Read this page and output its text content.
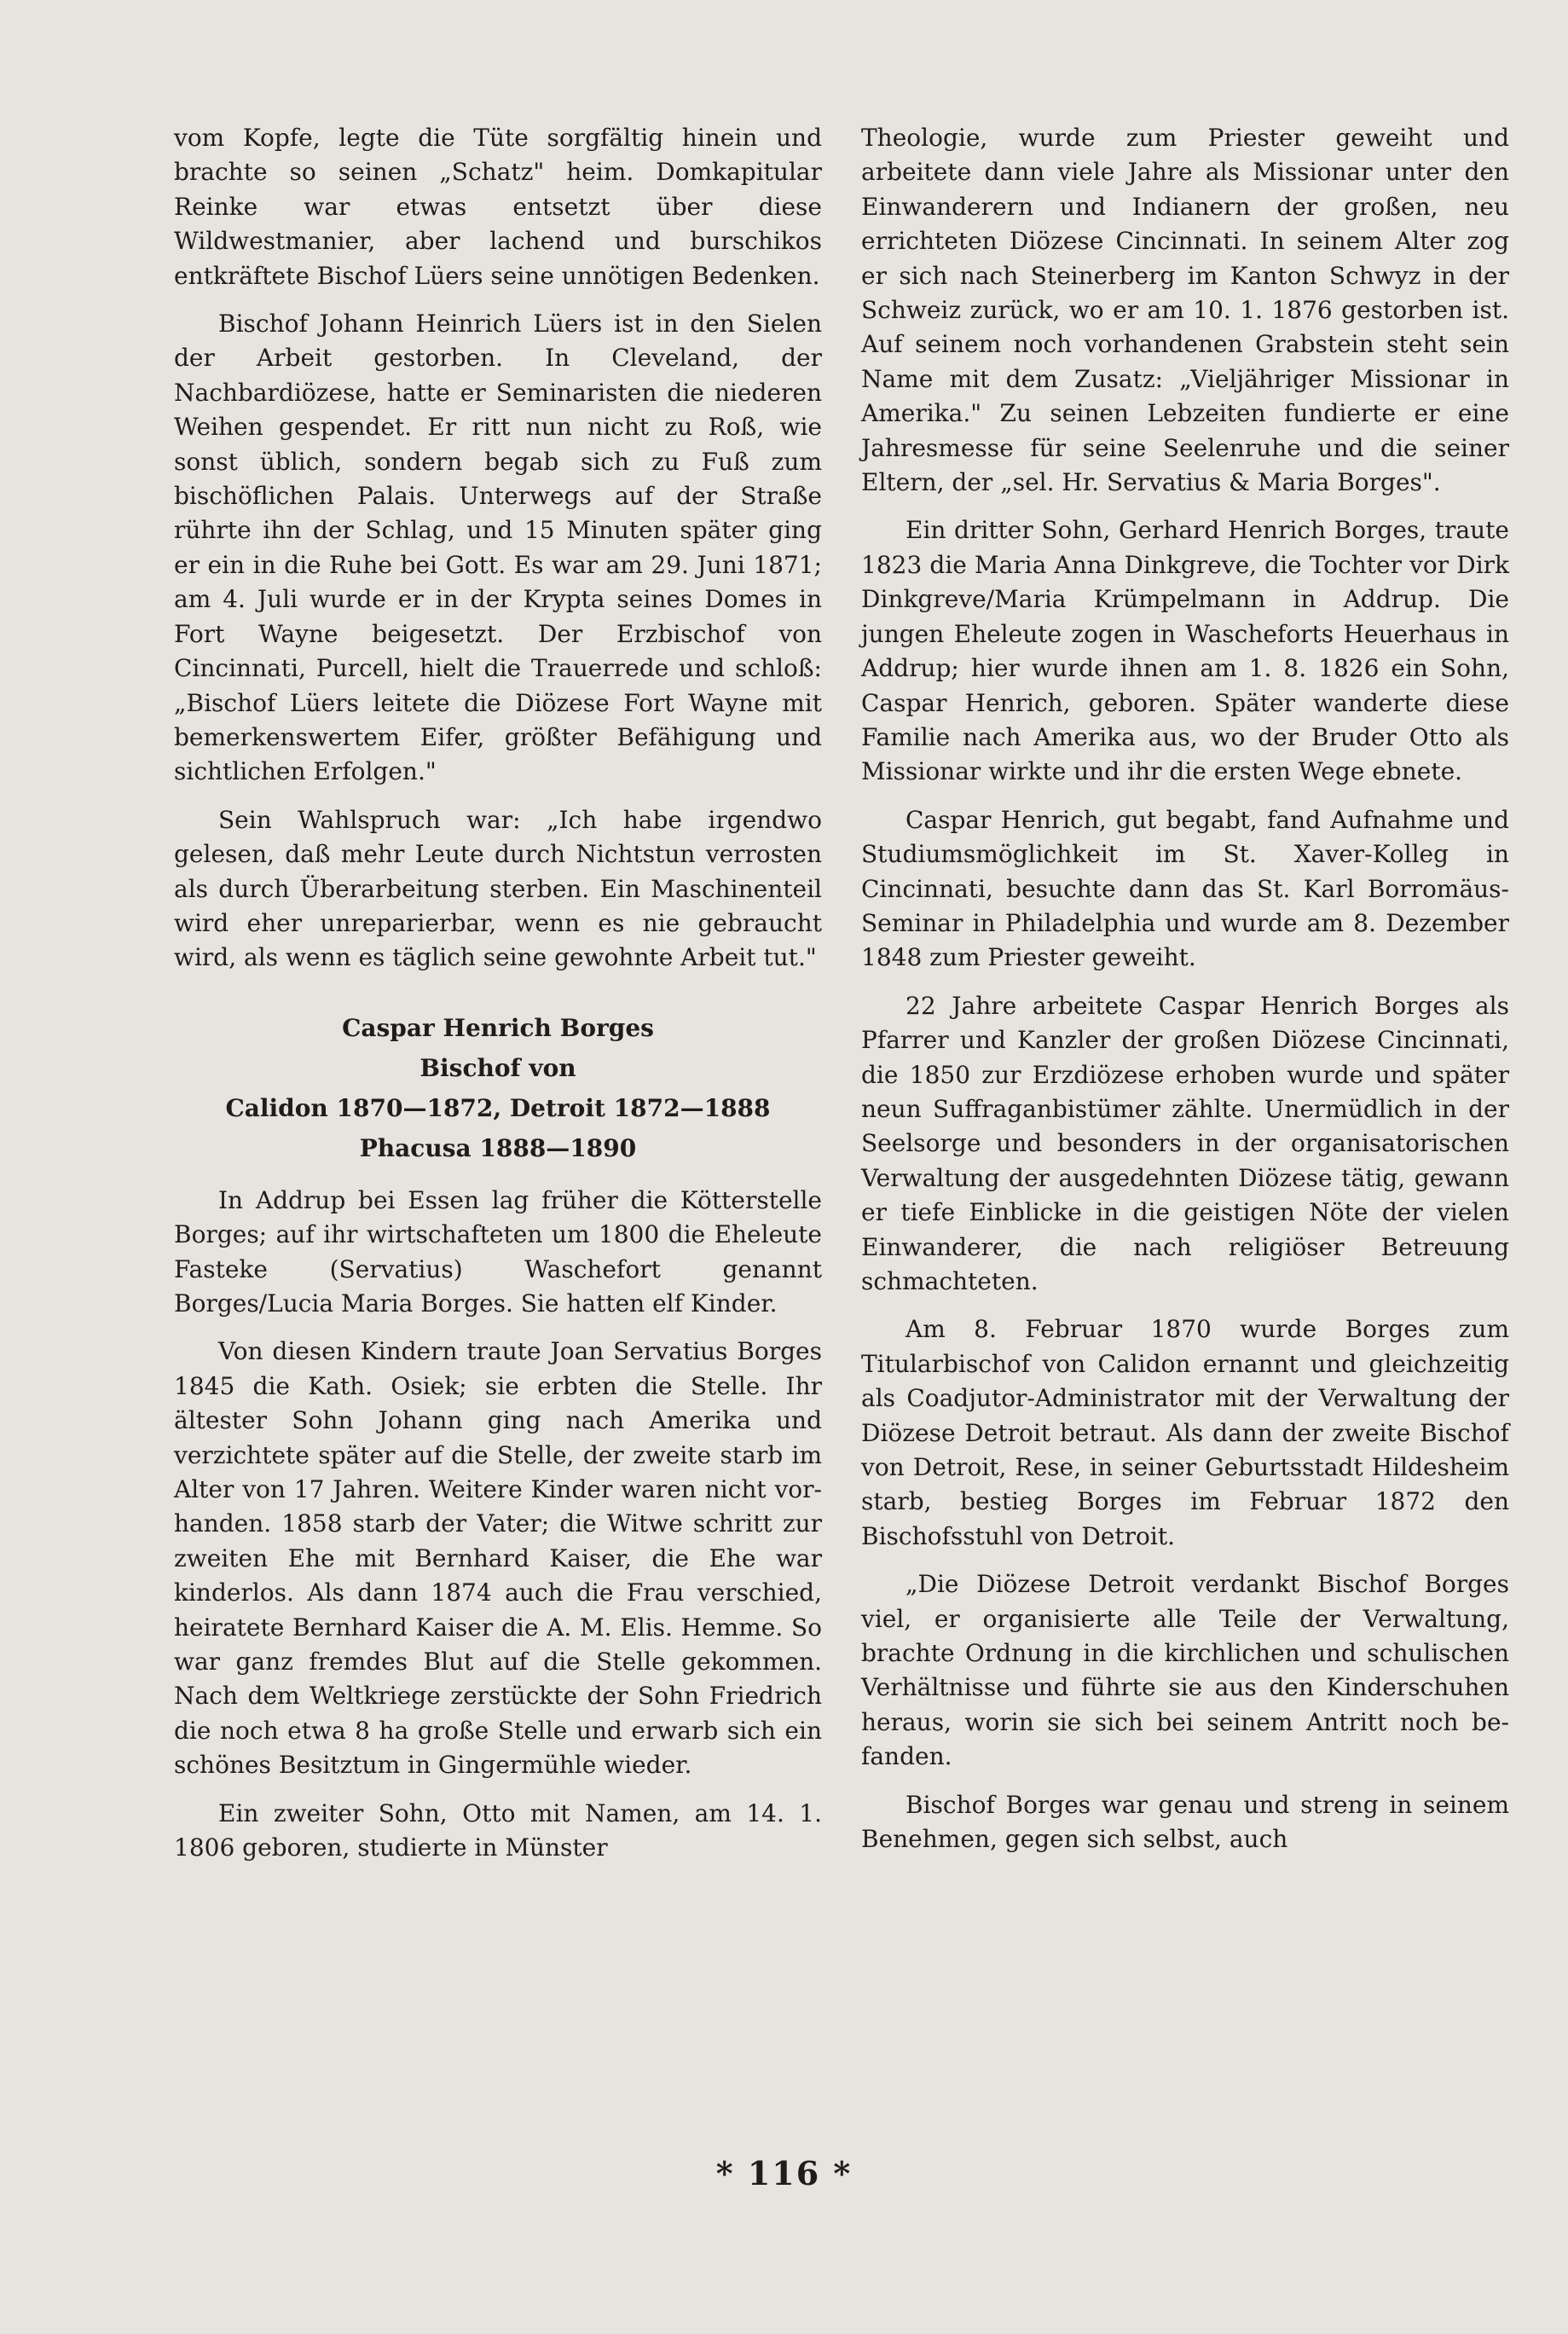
vom Kopfe, legte die Tüte sorgfältig hinein und brachte so seinen „Schatz" heim. Domkapitular Reinke war etwas entsetzt über diese Wildwestmanier, aber lachend und burschikos entkräftete Bischof Lüers seine unnötigen Bedenken.

Bischof Johann Heinrich Lüers ist in den Sielen der Arbeit gestorben. In Cleveland, der Nachbardiözese, hatte er Seminaristen die niederen Weihen gespendet. Er ritt nun nicht zu Roß, wie sonst üblich, sondern begab sich zu Fuß zum bischöflichen Palais. Unterwegs auf der Straße rührte ihn der Schlag, und 15 Minuten später ging er ein in die Ruhe bei Gott. Es war am 29. Juni 1871; am 4. Juli wurde er in der Krypta seines Domes in Fort Wayne beigesetzt. Der Erzbischof von Cincinnati, Purcell, hielt die Trauerrede und schloß: „Bischof Lüers leitete die Diözese Fort Wayne mit bemerkenswertem Eifer, größter Befähigung und sichtlichen Erfolgen."

Sein Wahlspruch war: „Ich habe irgendwo gelesen, daß mehr Leute durch Nichtstun verrosten als durch Überarbeitung sterben. Ein Maschinenteil wird eher unreparierbar, wenn es nie gebraucht wird, als wenn es täglich seine gewohnte Arbeit tut."

Caspar Henrich Borges
Bischof von
Calidon 1870—1872, Detroit 1872—1888
Phacusa 1888—1890

In Addrup bei Essen lag früher die Kötterstelle Borges; auf ihr wirtschafteten um 1800 die Eheleute Fasteke (Servatius) Waschefort genannt Borges/Lucia Maria Borges. Sie hatten elf Kinder.

Von diesen Kindern traute Joan Servatius Borges 1845 die Kath. Osiek; sie erbten die Stelle. Ihr ältester Sohn Johann ging nach Amerika und verzichtete später auf die Stelle, der zweite starb im Alter von 17 Jahren. Weitere Kinder waren nicht vorhanden. 1858 starb der Vater; die Witwe schritt zur zweiten Ehe mit Bernhard Kaiser, die Ehe war kinderlos. Als dann 1874 auch die Frau verschied, heiratete Bernhard Kaiser die A. M. Elis. Hemme. So war ganz fremdes Blut auf die Stelle gekommen. Nach dem Weltkriege zerstückte der Sohn Friedrich die noch etwa 8 ha große Stelle und erwarb sich ein schönes Besitztum in Gingermühle wieder.

Ein zweiter Sohn, Otto mit Namen, am 14. 1. 1806 geboren, studierte in Münster

Theologie, wurde zum Priester geweiht und arbeitete dann viele Jahre als Missionar unter den Einwanderern und Indianern der großen, neu errichteten Diözese Cincinnati. In seinem Alter zog er sich nach Steinerberg im Kanton Schwyz in der Schweiz zurück, wo er am 10. 1. 1876 gestorben ist. Auf seinem noch vorhandenen Grabstein steht sein Name mit dem Zusatz: „Vieljähriger Missionar in Amerika." Zu seinen Lebzeiten fundierte er eine Jahresmesse für seine Seelenruhe und die seiner Eltern, der „sel. Hr. Servatius & Maria Borges".

Ein dritter Sohn, Gerhard Henrich Borges, traute 1823 die Maria Anna Dinkgreve, die Tochter vor Dirk Dinkgreve/Maria Krümpelmann in Addrup. Die jungen Eheleute zogen in Wascheforts Heuerhaus in Addrup; hier wurde ihnen am 1. 8. 1826 ein Sohn, Caspar Henrich, geboren. Später wanderte diese Familie nach Amerika aus, wo der Bruder Otto als Missionar wirkte und ihr die ersten Wege ebnete.

Caspar Henrich, gut begabt, fand Aufnahme und Studiumsmöglichkeit im St. Xaver-Kolleg in Cincinnati, besuchte dann das St. Karl Borromäus-Seminar in Philadelphia und wurde am 8. Dezember 1848 zum Priester geweiht.

22 Jahre arbeitete Caspar Henrich Borges als Pfarrer und Kanzler der großen Diözese Cincinnati, die 1850 zur Erzdiözese erhoben wurde und später neun Suffraganbistümer zählte. Unermüdlich in der Seelsorge und besonders in der organisatorischen Verwaltung der ausgedehnten Diözese tätig, gewann er tiefe Einblicke in die geistigen Nöte der vielen Einwanderer, die nach religiöser Betreuung schmachteten.

Am 8. Februar 1870 wurde Borges zum Titularbischof von Calidon ernannt und gleichzeitig als Coadjutor-Administrator mit der Verwaltung der Diözese Detroit betraut. Als dann der zweite Bischof von Detroit, Rese, in seiner Geburtsstadt Hildesheim starb, bestieg Borges im Februar 1872 den Bischofsstuhl von Detroit.

„Die Diözese Detroit verdankt Bischof Borges viel, er organisierte alle Teile der Verwaltung, brachte Ordnung in die kirchlichen und schulischen Verhältnisse und führte sie aus den Kinderschuhen heraus, worin sie sich bei seinem Antritt noch befanden.

Bischof Borges war genau und streng in seinem Benehmen, gegen sich selbst, auch

* 116 *
